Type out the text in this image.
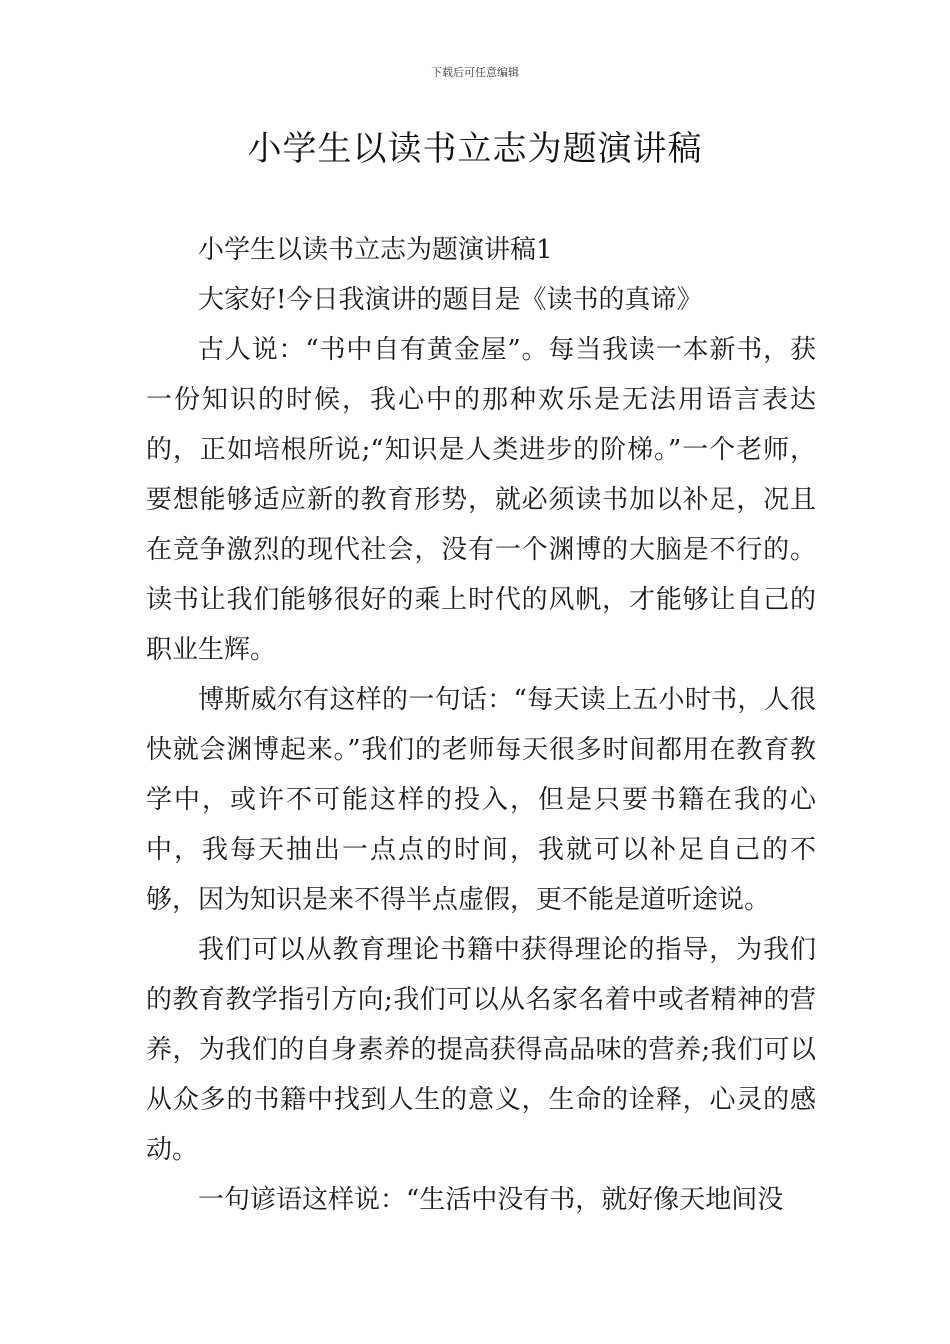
下载后可任意编辑
小学生以读书立志为题演讲稿

小学生以读书立志为题演讲稿1

大家好!今日我演讲的题目是《读书的真谛》

古人说：“书中自有黄金屋”。每当我读一本新书，获一份知识的时候，我心中的那种欢乐是无法用语言表达的，正如培根所说;“知识是人类进步的阶梯。”一个老师，要想能够适应新的教育形势，就必须读书加以补足，况且在竞争激烈的现代社会，没有一个渊博的大脑是不行的。读书让我们能够很好的乘上时代的风帆，才能够让自己的职业生辉。

博斯威尔有这样的一句话：“每天读上五小时书，人很快就会渊博起来。”我们的老师每天很多时间都用在教育教学中，或许不可能这样的投入，但是只要书籍在我的心中，我每天抽出一点点的时间，我就可以补足自己的不够，因为知识是来不得半点虚假，更不能是道听途说。

我们可以从教育理论书籍中获得理论的指导，为我们的教育教学指引方向;我们可以从名家名着中或者精神的营养，为我们的自身素养的提高获得高品味的营养;我们可以从众多的书籍中找到人生的意义，生命的诠释，心灵的感动。

一句谚语这样说：“生活中没有书，就好像天地间没
